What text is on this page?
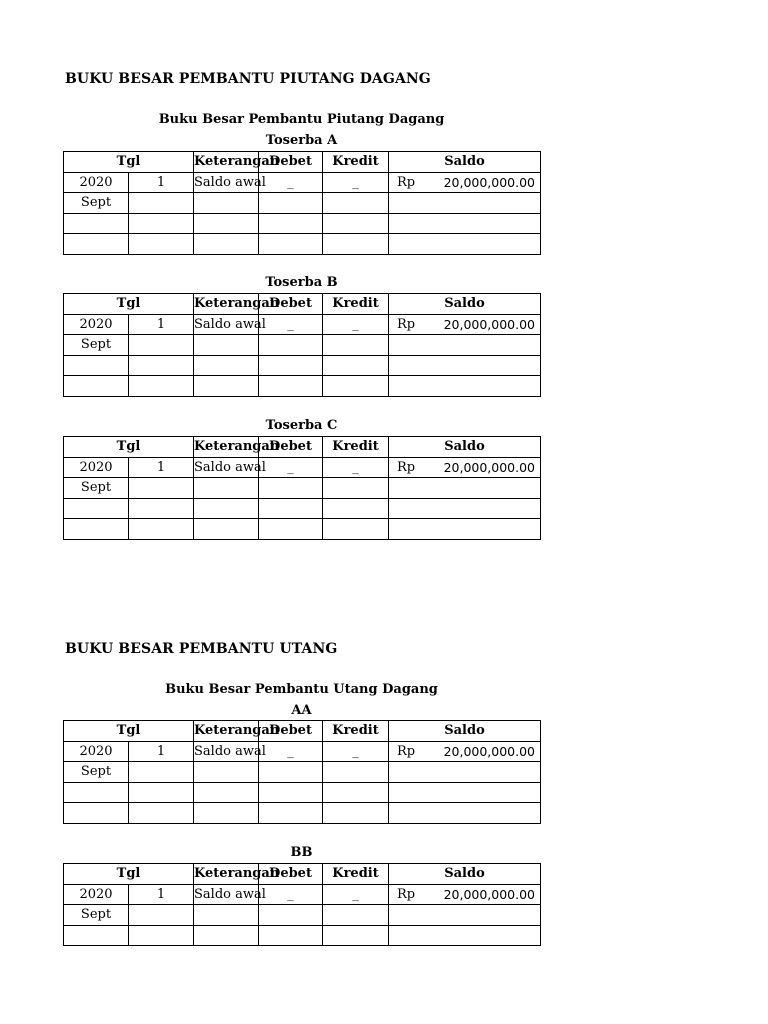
BUKU BESAR PEMBANTU PIUTANG DAGANG
Buku Besar Pembantu Piutang Dagang
Toserba A
Tgl		Keterangan	Debet	Kredit	Saldo
2020	1	Saldo awal	_	_	Rp 20,000,000.00

Sept					

Toserba B
Tgl		Keterangan	Debet	Kredit	Saldo
2020	1	Saldo awal	_	_	Rp 20,000,000.00

Sept					

Toserba C
Tgl		Keterangan	Debet	Kredit	Saldo
2020	1	Saldo awal	_	_	Rp 20,000,000.00

Sept					

BUKU BESAR PEMBANTU UTANG
Buku Besar Pembantu Utang Dagang
AA
Tgl		Keterangan	Debet	Kredit	Saldo
2020	1	Saldo awal	_	_	Rp 20,000,000.00

Sept					

BB
Tgl		Keterangan	Debet	Kredit	Saldo
2020	1	Saldo awal	_	_	Rp 20,000,000.00

Sept					
